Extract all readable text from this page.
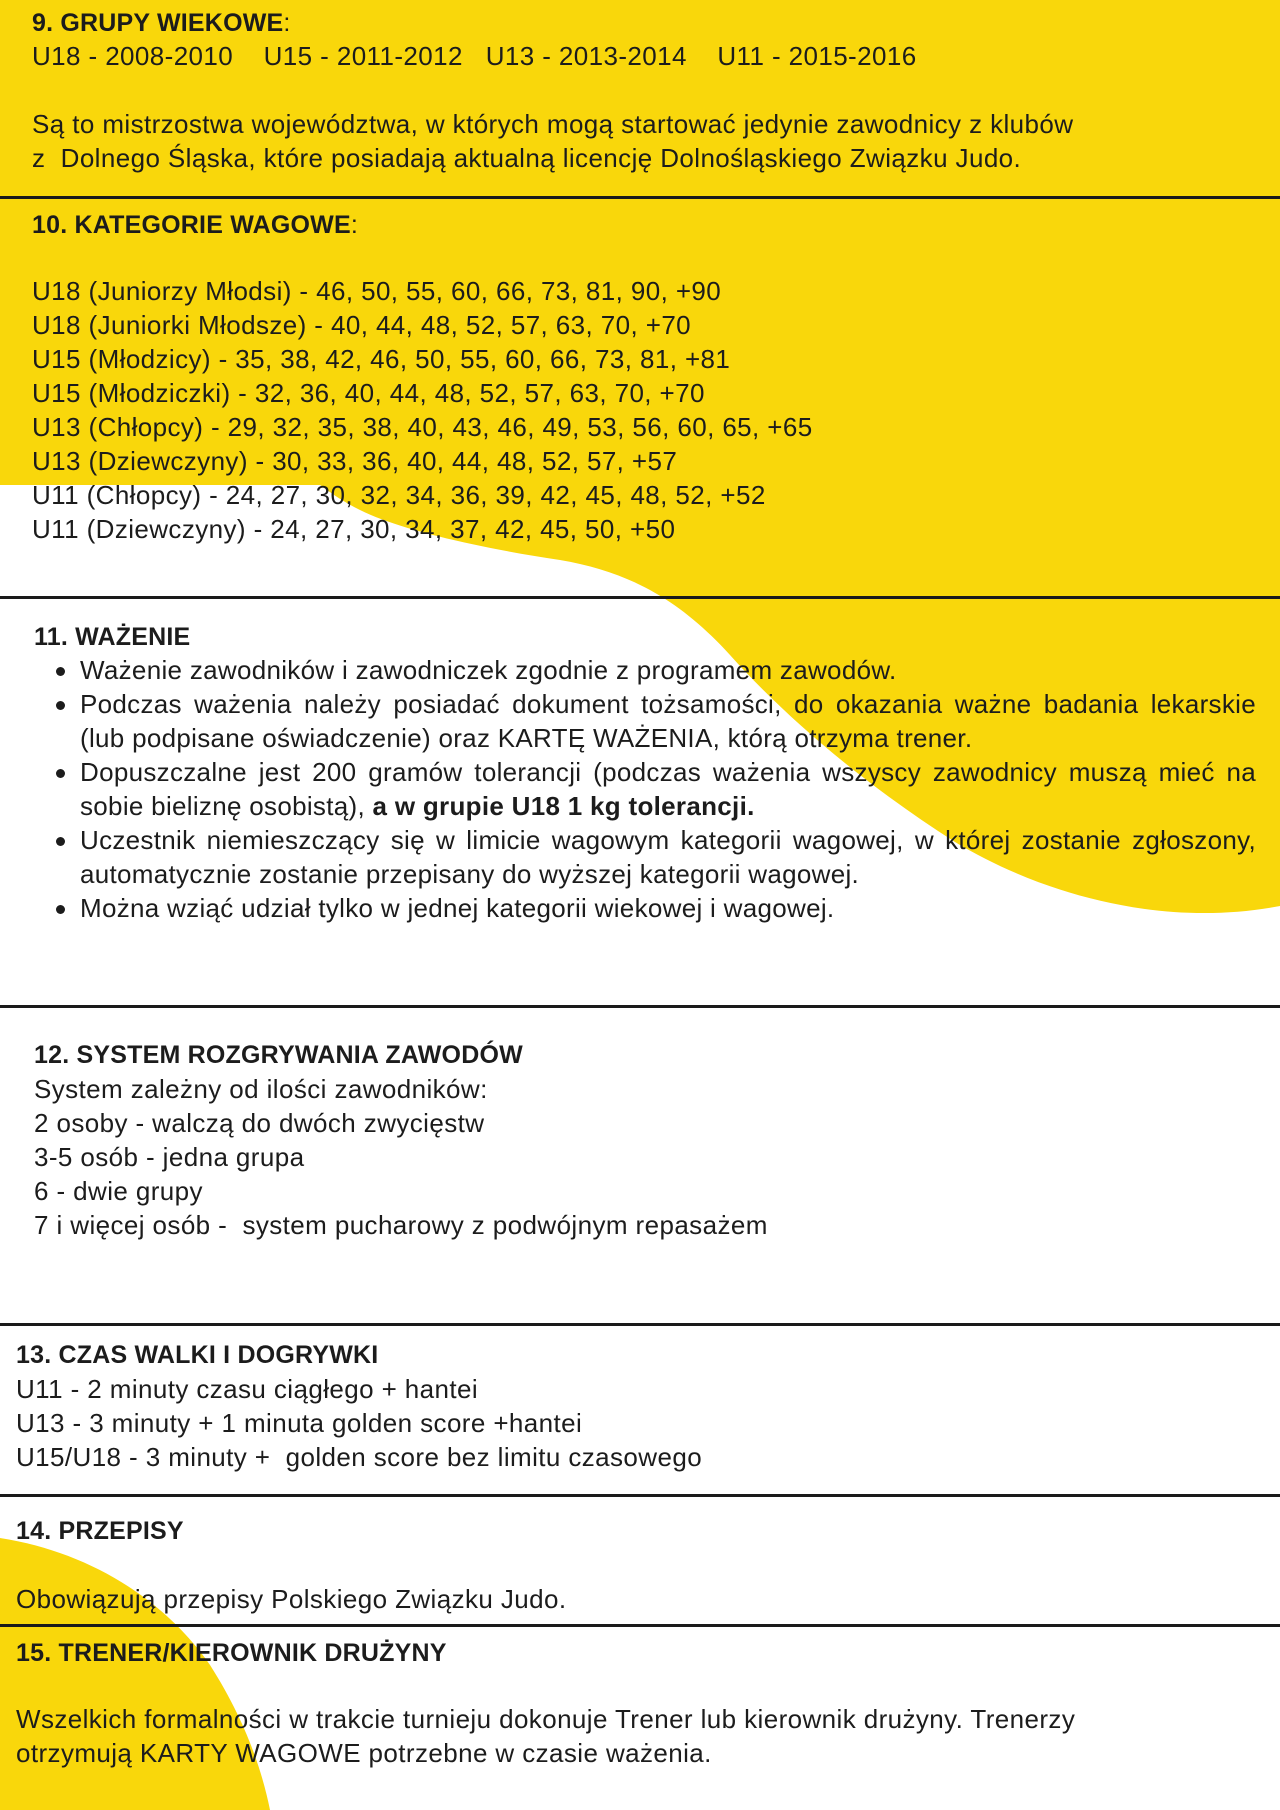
9. GRUPY WIEKOWE:
U18 - 2008-2010    U15 - 2011-2012   U13 - 2013-2014    U11 - 2015-2016
Są to mistrzostwa województwa, w których mogą startować jedynie zawodnicy z klubów
z  Dolnego Śląska, które posiadają aktualną licencję Dolnośląskiego Związku Judo.
10. KATEGORIE WAGOWE:
U18 (Juniorzy Młodsi) - 46, 50, 55, 60, 66, 73, 81, 90, +90
U18 (Juniorki Młodsze) - 40, 44, 48, 52, 57, 63, 70, +70
U15 (Młodzicy) - 35, 38, 42, 46, 50, 55, 60, 66, 73, 81, +81
U15 (Młodziczki) - 32, 36, 40, 44, 48, 52, 57, 63, 70, +70
U13 (Chłopcy) - 29, 32, 35, 38, 40, 43, 46, 49, 53, 56, 60, 65, +65
U13 (Dziewczyny) - 30, 33, 36, 40, 44, 48, 52, 57, +57
U11 (Chłopcy) - 24, 27, 30, 32, 34, 36, 39, 42, 45, 48, 52, +52
U11 (Dziewczyny) - 24, 27, 30, 34, 37, 42, 45, 50, +50
11. WAŻENIE
Ważenie zawodników i zawodniczek zgodnie z programem zawodów.
Podczas ważenia należy posiadać dokument tożsamości, do okazania ważne badania lekarskie (lub podpisane oświadczenie) oraz KARTĘ WAŻENIA, którą otrzyma trener.
Dopuszczalne jest 200 gramów tolerancji (podczas ważenia wszyscy zawodnicy muszą mieć na sobie bieliznę osobistą), a w grupie U18 1 kg tolerancji.
Uczestnik niemieszczący się w limicie wagowym kategorii wagowej, w której zostanie zgłoszony, automatycznie zostanie przepisany do wyższej kategorii wagowej.
Można wziąć udział tylko w jednej kategorii wiekowej i wagowej.
12. SYSTEM ROZGRYWANIA ZAWODÓW
System zależny od ilości zawodników:
2 osoby - walczą do dwóch zwycięstw
3-5 osób - jedna grupa
6 - dwie grupy
7 i więcej osób -  system pucharowy z podwójnym repasażem
13. CZAS WALKI I DOGRYWKI
U11 - 2 minuty czasu ciągłego + hantei
U13 - 3 minuty + 1 minuta golden score +hantei
U15/U18 - 3 minuty +  golden score bez limitu czasowego
14. PRZEPISY
Obowiązują przepisy Polskiego Związku Judo.
15. TRENER/KIEROWNIK DRUŻYNY
Wszelkich formalności w trakcie turnieju dokonuje Trener lub kierownik drużyny. Trenerzy
otrzymują KARTY WAGOWE potrzebne w czasie ważenia.
